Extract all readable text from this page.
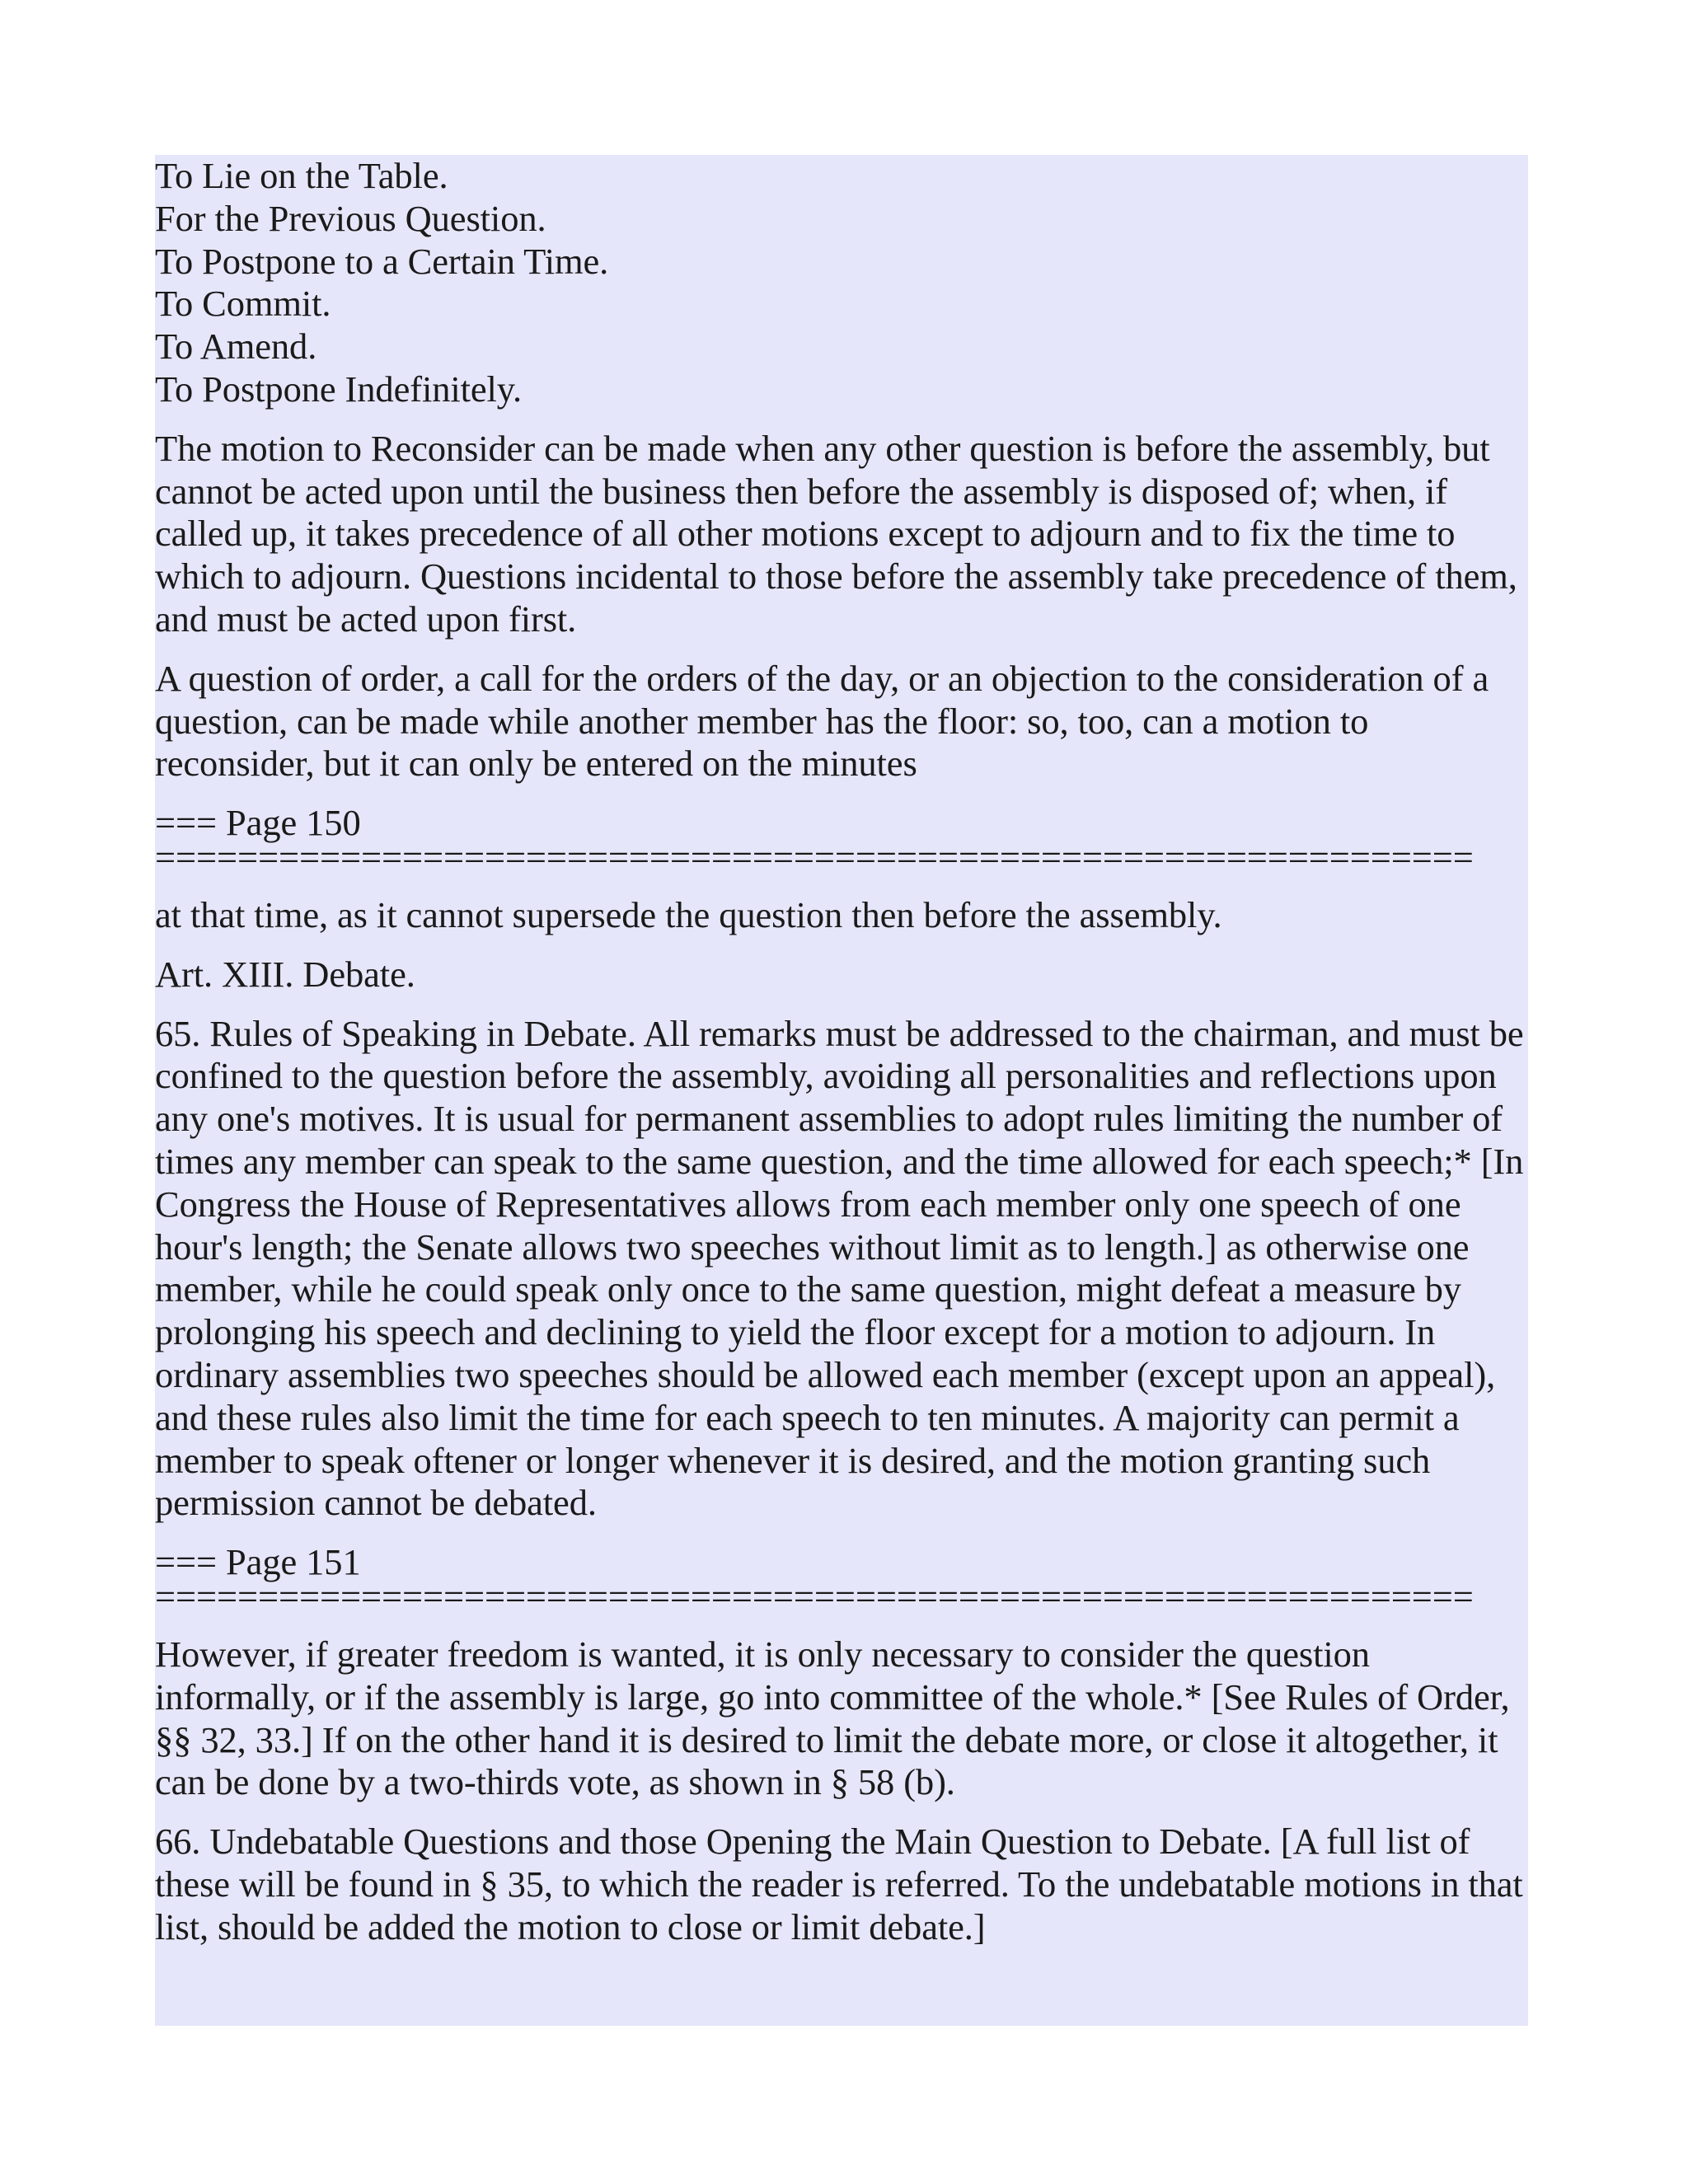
To Lie on the Table.
For the Previous Question.
To Postpone to a Certain Time.
To Commit.
To Amend.
To Postpone Indefinitely.

The motion to Reconsider can be made when any other question is before the assembly, but cannot be acted upon until the business then before the assembly is disposed of; when, if called up, it takes precedence of all other motions except to adjourn and to fix the time to which to adjourn. Questions incidental to those before the assembly take precedence of them, and must be acted upon first.

A question of order, a call for the orders of the day, or an objection to the consideration of a question, can be made while another member has the floor: so, too, can a motion to reconsider, but it can only be entered on the minutes

=== Page 150
================================================================

at that time, as it cannot supersede the question then before the assembly.

Art. XIII. Debate.

65. Rules of Speaking in Debate. All remarks must be addressed to the chairman, and must be confined to the question before the assembly, avoiding all personalities and reflections upon any one's motives. It is usual for permanent assemblies to adopt rules limiting the number of times any member can speak to the same question, and the time allowed for each speech;* [In Congress the House of Representatives allows from each member only one speech of one hour's length; the Senate allows two speeches without limit as to length.] as otherwise one member, while he could speak only once to the same question, might defeat a measure by prolonging his speech and declining to yield the floor except for a motion to adjourn. In ordinary assemblies two speeches should be allowed each member (except upon an appeal), and these rules also limit the time for each speech to ten minutes. A majority can permit a member to speak oftener or longer whenever it is desired, and the motion granting such permission cannot be debated.

=== Page 151
================================================================

However, if greater freedom is wanted, it is only necessary to consider the question informally, or if the assembly is large, go into committee of the whole.* [See Rules of Order, §§ 32, 33.] If on the other hand it is desired to limit the debate more, or close it altogether, it can be done by a two-thirds vote, as shown in § 58 (b).

66. Undebatable Questions and those Opening the Main Question to Debate. [A full list of these will be found in § 35, to which the reader is referred. To the undebatable motions in that list, should be added the motion to close or limit debate.]
